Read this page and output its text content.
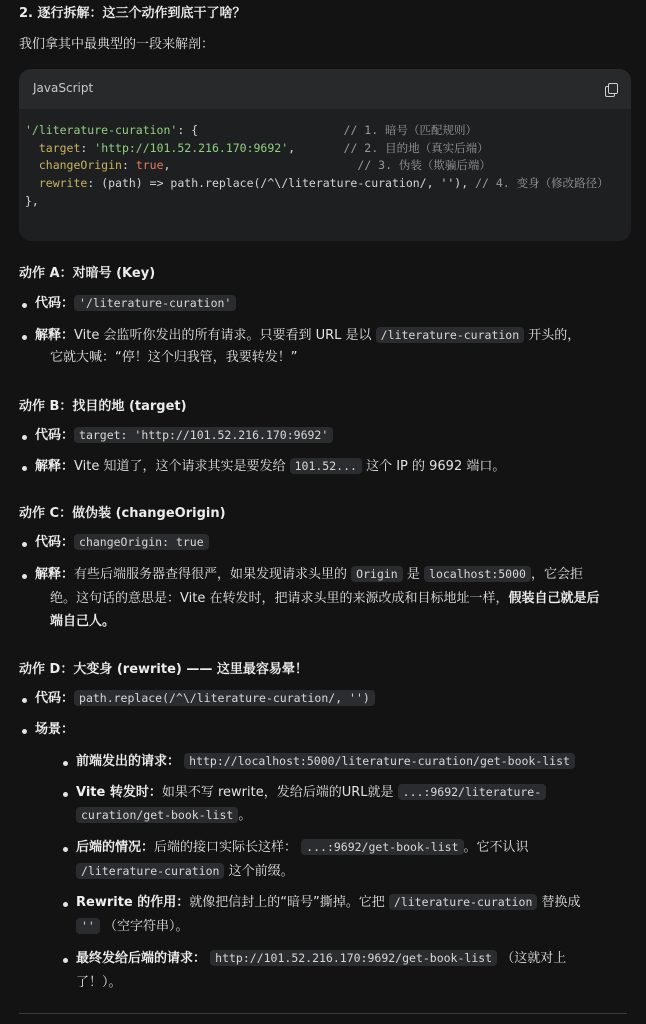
2. 逐行拆解：这三个动作到底干了啥？
我们拿其中最典型的一段来解剖：
JavaScript
'/literature-curation': {	// 1. 暗号（匹配规则）
target: 'http://101.52.216.170:9692',       // 2. 目的地（真实后端）
changeOrigin: true,                           // 3. 伪装（欺骗后端）
rewrite: (path) => path.replace(/^\/literature-curation/, ''), // 4. 变身（修改路径）
},
动作 A：对暗号 (Key)
代码： '/literature-curation'
解释：Vite 会监听你发出的所有请求。只要看到 URL 是以 /literature-curation 开头的，
它就大喊：“停！这个归我管，我要转发！”
动作 B：找目的地 (target)
代码： target: 'http://101.52.216.170:9692'
解释：Vite 知道了，这个请求其实是要发给 101.52... 这个 IP 的 9692 端口。
动作 C：做伪装 (changeOrigin)
代码： changeOrigin: true
解释：有些后端服务器查得很严，如果发现请求头里的 Origin 是 localhost:5000 ，它会拒
绝。这句话的意思是：Vite 在转发时，把请求头里的来源改成和目标地址一样，假装自己就是后
端自己人。
动作 D：大变身 (rewrite) —— 这里最容易晕！
代码： path.replace(/^\/literature-curation/, '')
场景：
前端发出的请求： http://localhost:5000/literature-curation/get-book-list
Vite 转发时：如果不写 rewrite，发给后端的URL就是 ...:9692/literature-
curation/get-book-list 。
后端的情况：后端的接口实际长这样： ...:9692/get-book-list 。它不认识
/literature-curation 这个前缀。
Rewrite 的作用：就像把信封上的“暗号”撕掉。它把 /literature-curation 替换成
'' （空字符串）。
最终发给后端的请求： http://101.52.216.170:9692/get-book-list （这就对上
了！）。
